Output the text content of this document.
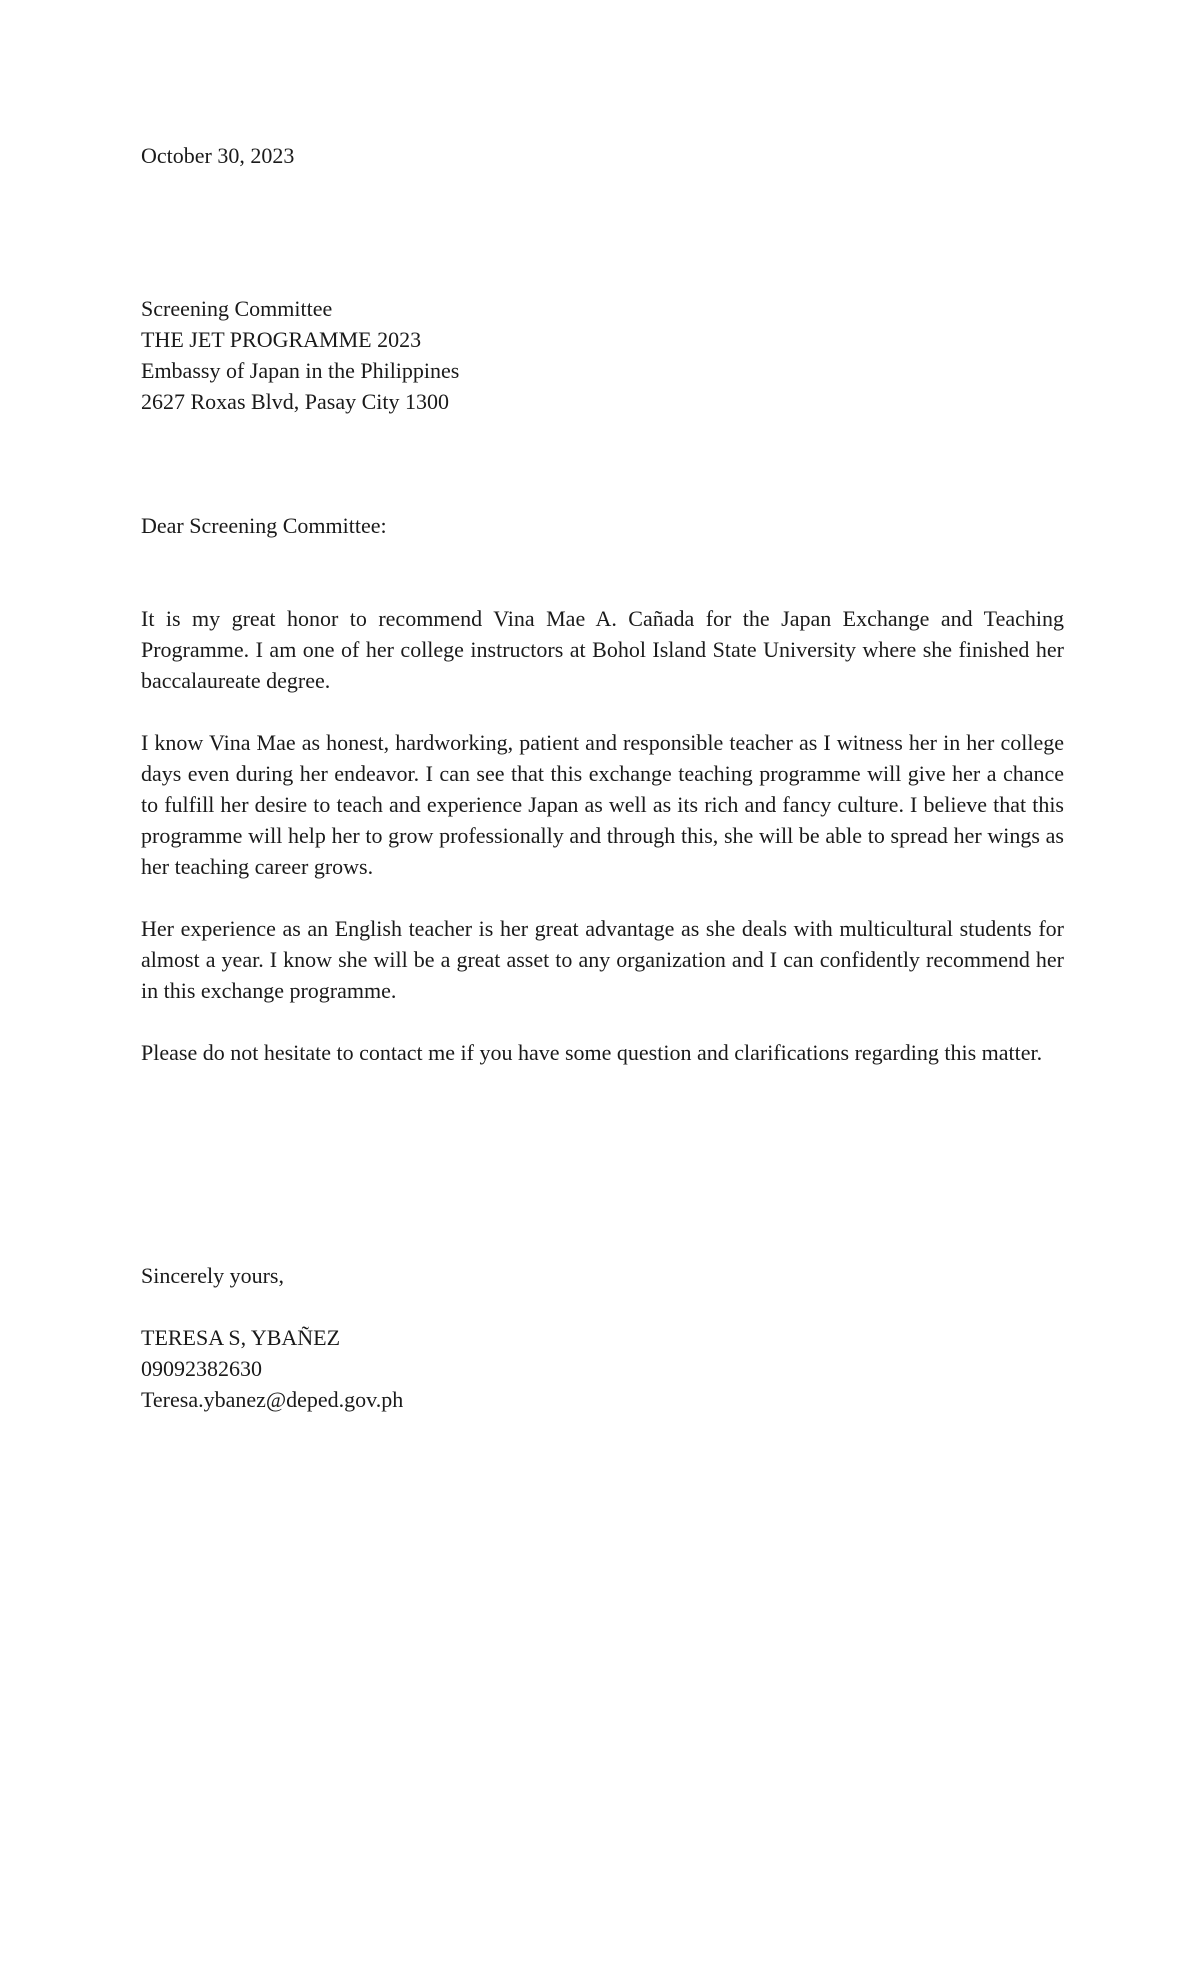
October 30, 2023
Screening Committee
THE JET PROGRAMME 2023
Embassy of Japan in the Philippines
2627 Roxas Blvd, Pasay City 1300
Dear Screening Committee:

It is my great honor to recommend Vina Mae A. Cañada for the Japan Exchange and Teaching Programme. I am one of her college instructors at Bohol Island State University where she finished her baccalaureate degree.

I know Vina Mae as honest, hardworking, patient and responsible teacher as I witness her in her college days even during her endeavor. I can see that this exchange teaching programme will give her a chance to fulfill her desire to teach and experience Japan as well as its rich and fancy culture. I believe that this programme will help her to grow professionally and through this, she will be able to spread her wings as her teaching career grows.

Her experience as an English teacher is her great advantage as she deals with multicultural students for almost a year. I know she will be a great asset to any organization and I can confidently recommend her in this exchange programme.

Please do not hesitate to contact me if you have some question and clarifications regarding this matter.

Sincerely yours,
TERESA S, YBAÑEZ
09092382630
Teresa.ybanez@deped.gov.ph
